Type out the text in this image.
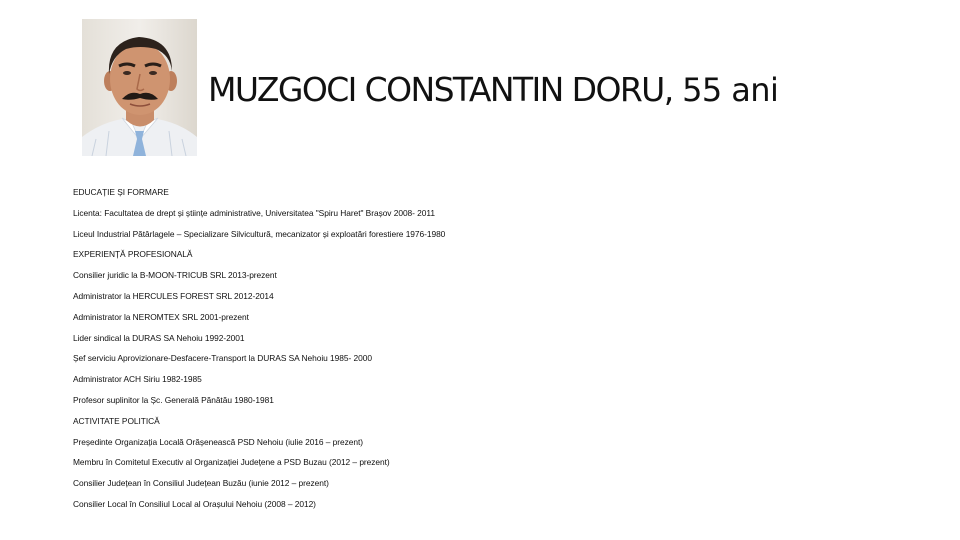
MUZGOCI CONSTANTIN DORU, 55 ani
EDUCAȚIE ȘI FORMARE
Licenta: Facultatea de drept și științe administrative, Universitatea "Spiru Haret" Brașov 2008- 2011
Liceul Industrial Pătârlagele – Specializare Silvicultură, mecanizator și exploatări forestiere 1976-1980
EXPERIENȚĂ PROFESIONALĂ
Consilier juridic la B-MOON-TRICUB SRL 2013-prezent
Administrator la HERCULES FOREST SRL 2012-2014
Administrator la NEROMTEX SRL 2001-prezent
Lider sindical la DURAS SA Nehoiu 1992-2001
Șef serviciu Aprovizionare-Desfacere-Transport la DURAS SA Nehoiu 1985- 2000
Administrator ACH Siriu 1982-1985
Profesor suplinitor la Șc. Generală Pănătău 1980-1981
ACTIVITATE POLITICĂ
Președinte Organizația Locală Orășenească PSD Nehoiu (iulie 2016 – prezent)
Membru în Comitetul Executiv al Organizației Județene a PSD Buzau (2012 – prezent)
Consilier Județean în Consiliul Județean Buzău (iunie 2012 – prezent)
Consilier Local în Consiliul Local al Orașului Nehoiu (2008 – 2012)
